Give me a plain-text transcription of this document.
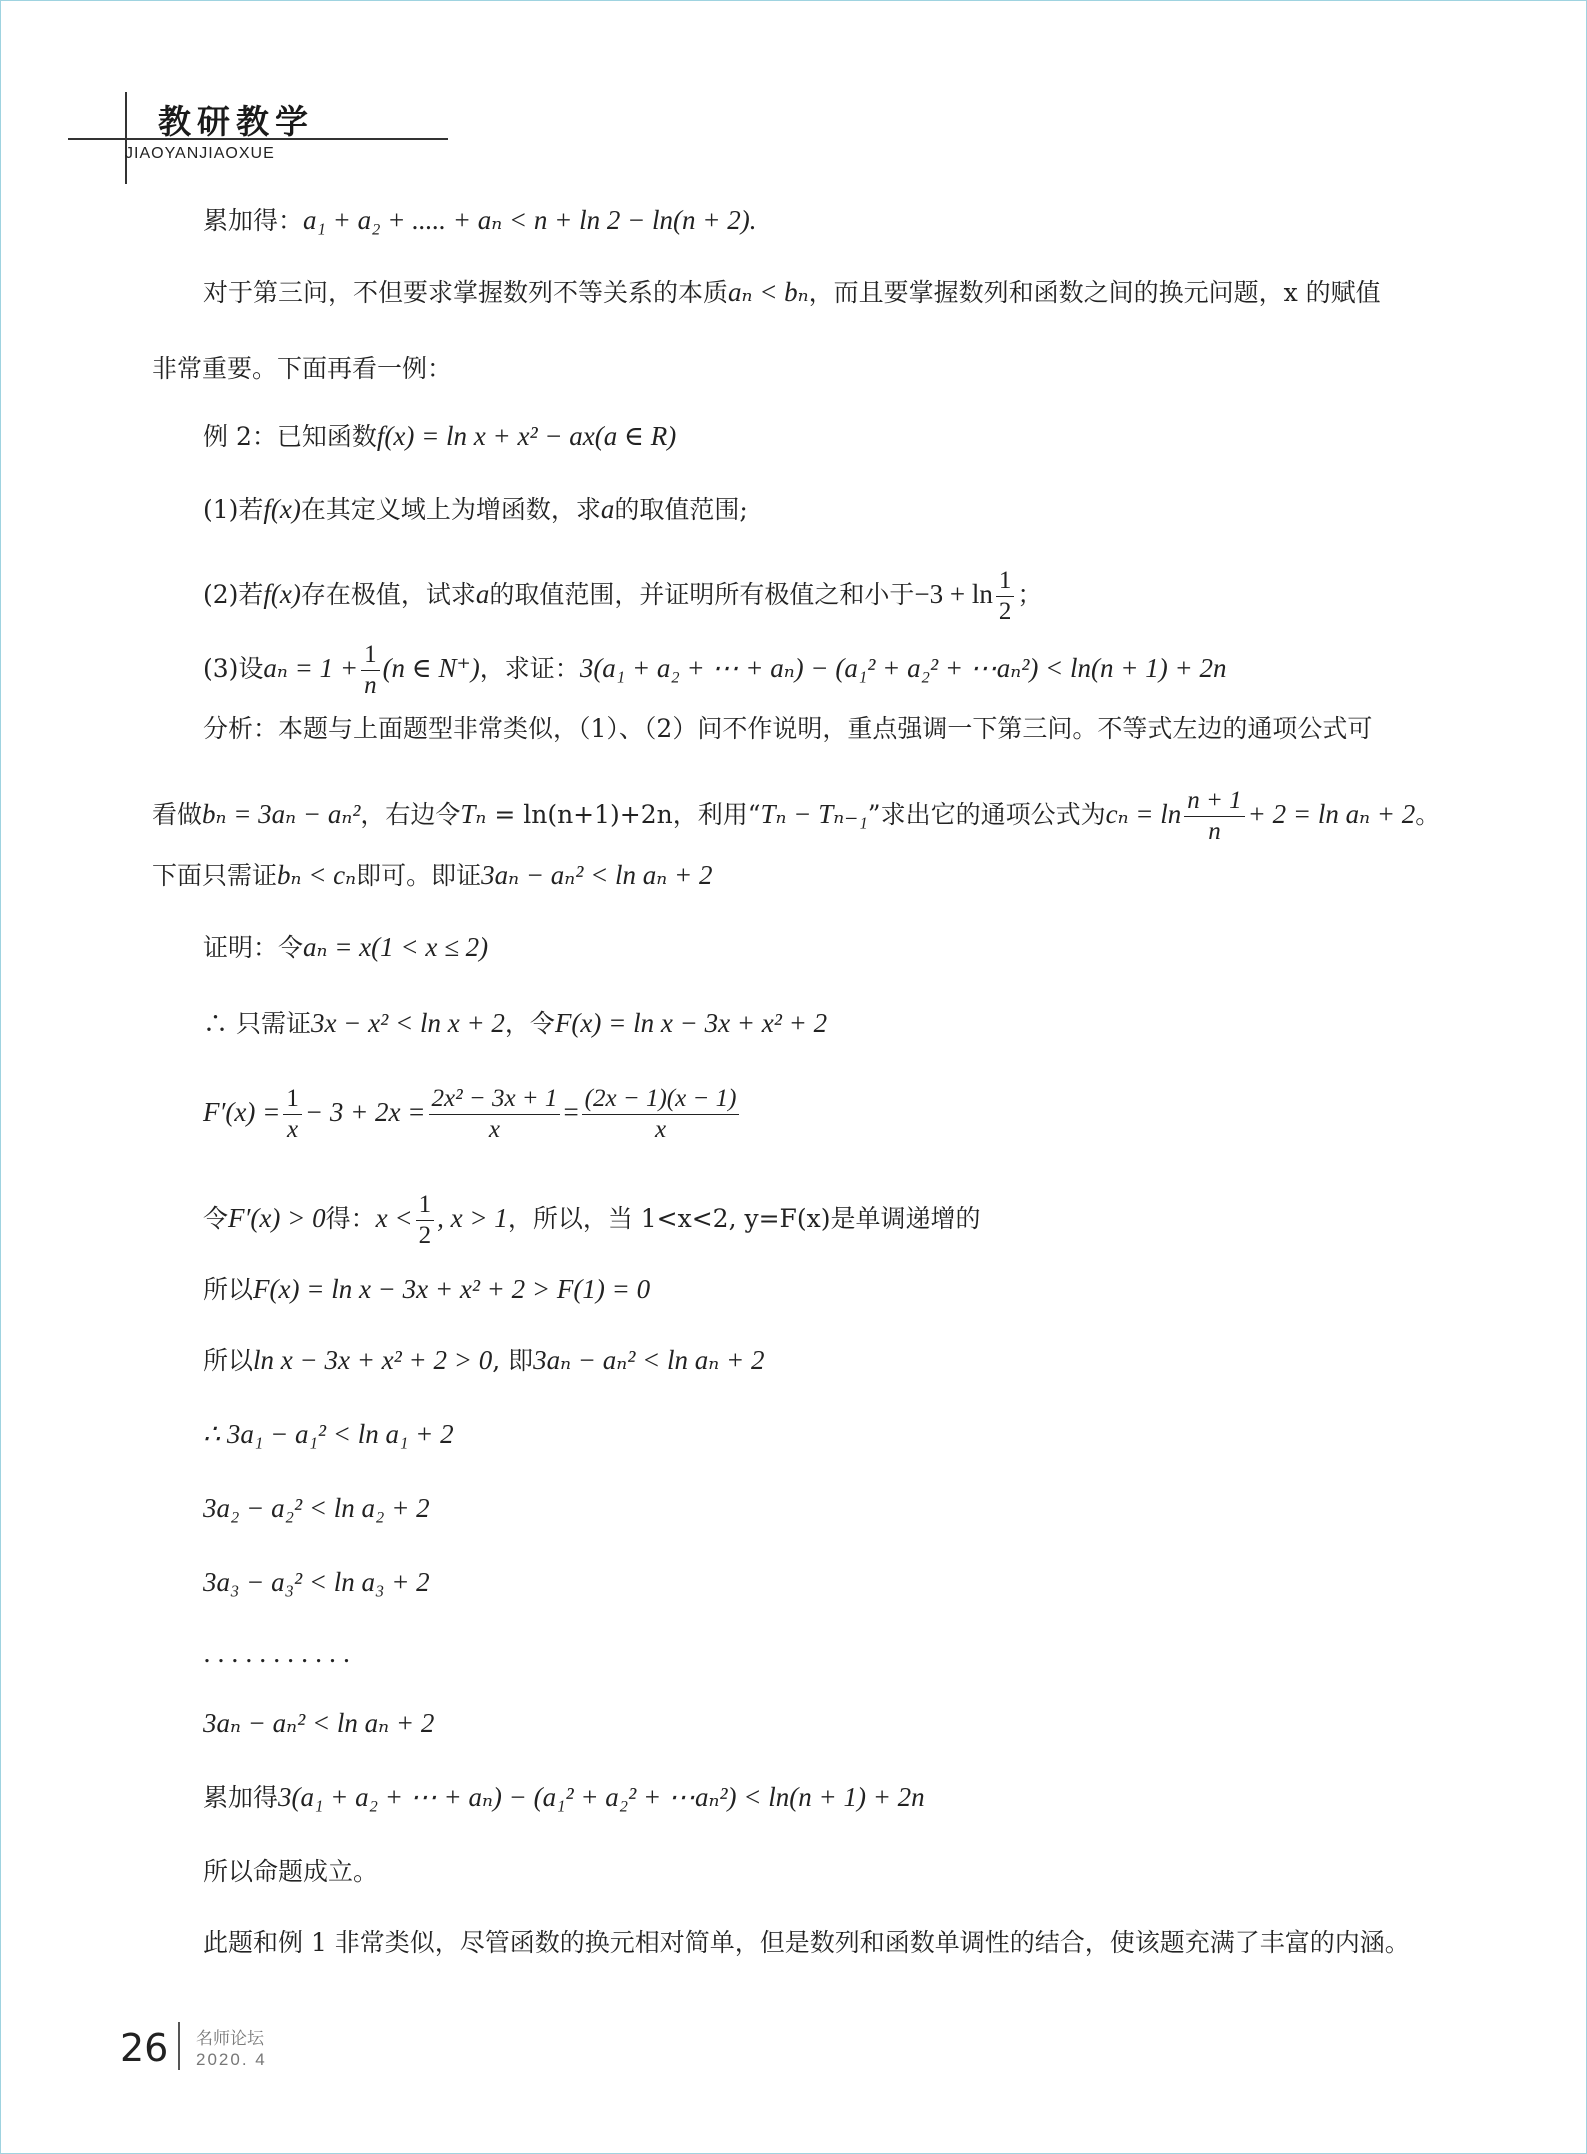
教研教学
JIAOYANJIAOXUE
累加得：a₁ + a₂ + ..... + aₙ < n + ln 2 − ln(n + 2).
对于第三问，不但要求掌握数列不等关系的本质aₙ < bₙ，而且要掌握数列和函数之间的换元问题，x 的赋值
非常重要。下面再看一例：
例 2：已知函数f(x) = ln x + x² − ax(a ∈ R)
(1)若f(x)在其定义域上为增函数，求a的取值范围;
(2)若f(x)存在极值，试求a的取值范围，并证明所有极值之和小于$-3 + \ln \frac{1}{2}$ ；
(3)设$a_n = 1 + \frac{1}{n} (n$ ∈ N⁺)，求证：3(a₁ + a₂ + ⋯ + aₙ) − (a₁² + a₂² + ⋯aₙ²) < ln(n + 1) + 2n
分析：本题与上面题型非常类似，（1）、（2）问不作说明，重点强调一下第三问。不等式左边的通项公式可
看做bₙ = 3aₙ − aₙ²，右边令Tₙ = ln(n+1)+2n，利用“Tₙ − Tₙ₋₁”求出它的通项公式为$c_n = \ln \frac{n + 1}{n} + 2 = \ln a_n + 2$。
下面只需证bₙ < cₙ即可。即证3aₙ − aₙ² < ln aₙ + 2
证明：令aₙ = x(1 < x ≤ 2)
∴ 只需证3x − x² < ln x + 2，令F(x) = ln x − 3x + x² + 2
$F'(x) = \frac{1}{x} - 3 + 2x = \frac{\text{2x² − 3x + 1}}{x} = \frac{(2x - 1)(x - 1)}{x}$
令F′(x) > 0得：$x < \frac{1}{2}$ , x > 1，所以，当 1<x<2, y=F(x)是单调递增的
所以F(x) = ln x − 3x + x² + 2 > F(1) = 0
所以ln x − 3x + x² + 2 > 0, 即3aₙ − aₙ² < ln aₙ + 2
∴ 3a₁ − a₁² < ln a₁ + 2
3a₂ − a₂² < ln a₂ + 2
3a₃ − a₃² < ln a₃ + 2
...........
3aₙ − aₙ² < ln aₙ + 2
累加得3(a₁ + a₂ + ⋯ + aₙ) − (a₁² + a₂² + ⋯aₙ²) < ln(n + 1) + 2n
所以命题成立。
此题和例 1 非常类似，尽管函数的换元相对简单，但是数列和函数单调性的结合，使该题充满了丰富的内涵。
26 名师论坛
2020. 4
